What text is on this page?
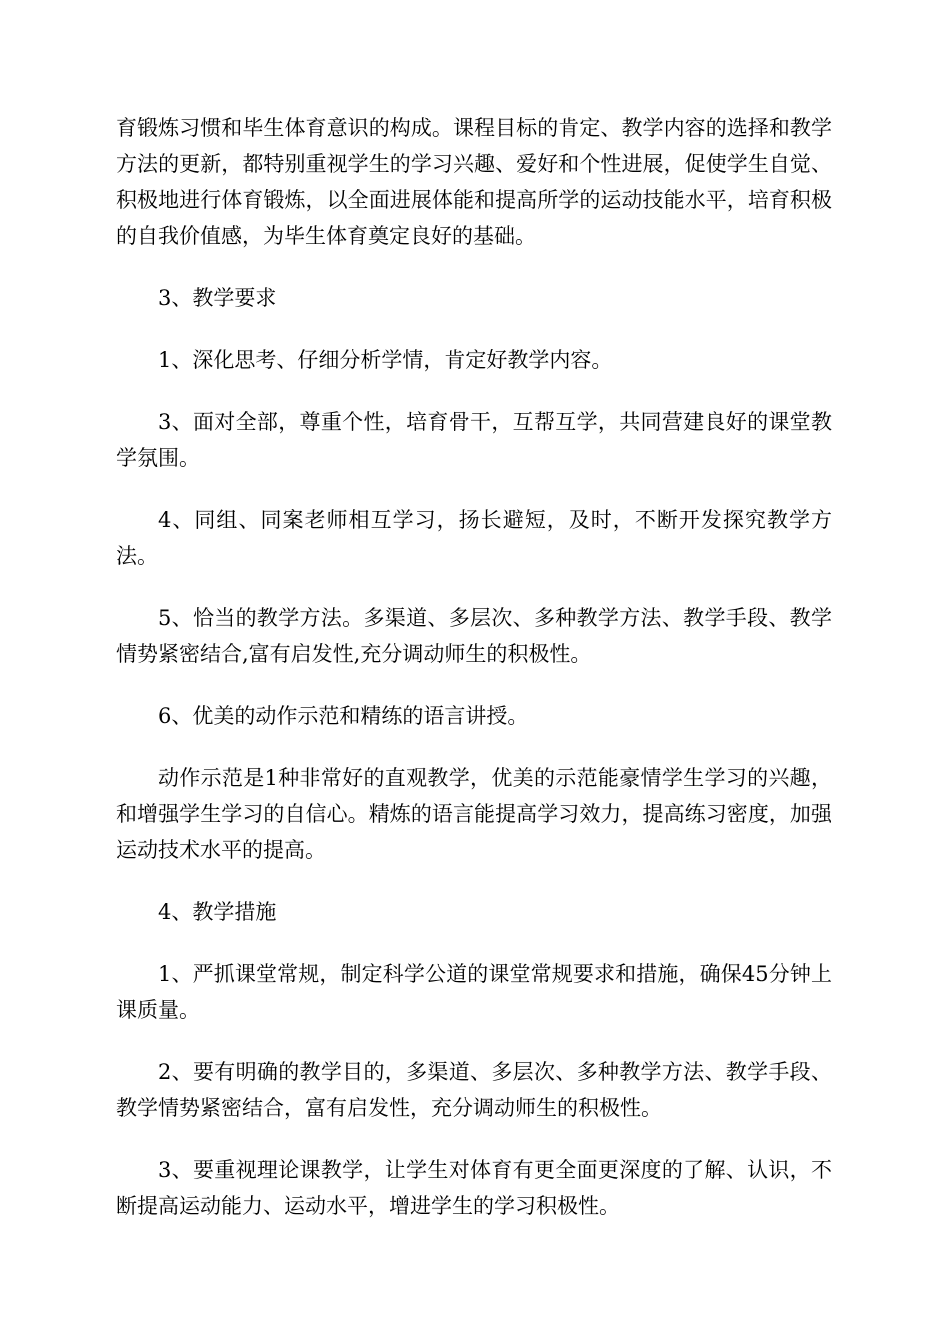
育锻炼习惯和毕生体育意识的构成。课程目标的肯定、教学内容的选择和教学方法的更新，都特别重视学生的学习兴趣、爱好和个性进展，促使学生自觉、积极地进行体育锻炼，以全面进展体能和提高所学的运动技能水平，培育积极的自我价值感，为毕生体育奠定良好的基础。

3、教学要求

1、深化思考、仔细分析学情，肯定好教学内容。

3、面对全部，尊重个性，培育骨干，互帮互学，共同营建良好的课堂教学氛围。

4、同组、同案老师相互学习，扬长避短，及时，不断开发探究教学方法。

5、恰当的教学方法。多渠道、多层次、多种教学方法、教学手段、教学情势紧密结合,富有启发性,充分调动师生的积极性。

6、优美的动作示范和精练的语言讲授。

动作示范是1种非常好的直观教学，优美的示范能豪情学生学习的兴趣，和增强学生学习的自信心。精炼的语言能提高学习效力，提高练习密度，加强运动技术水平的提高。

4、教学措施

1、严抓课堂常规，制定科学公道的课堂常规要求和措施，确保45分钟上课质量。

2、要有明确的教学目的，多渠道、多层次、多种教学方法、教学手段、教学情势紧密结合，富有启发性，充分调动师生的积极性。

3、要重视理论课教学，让学生对体育有更全面更深度的了解、认识，不断提高运动能力、运动水平，增进学生的学习积极性。
